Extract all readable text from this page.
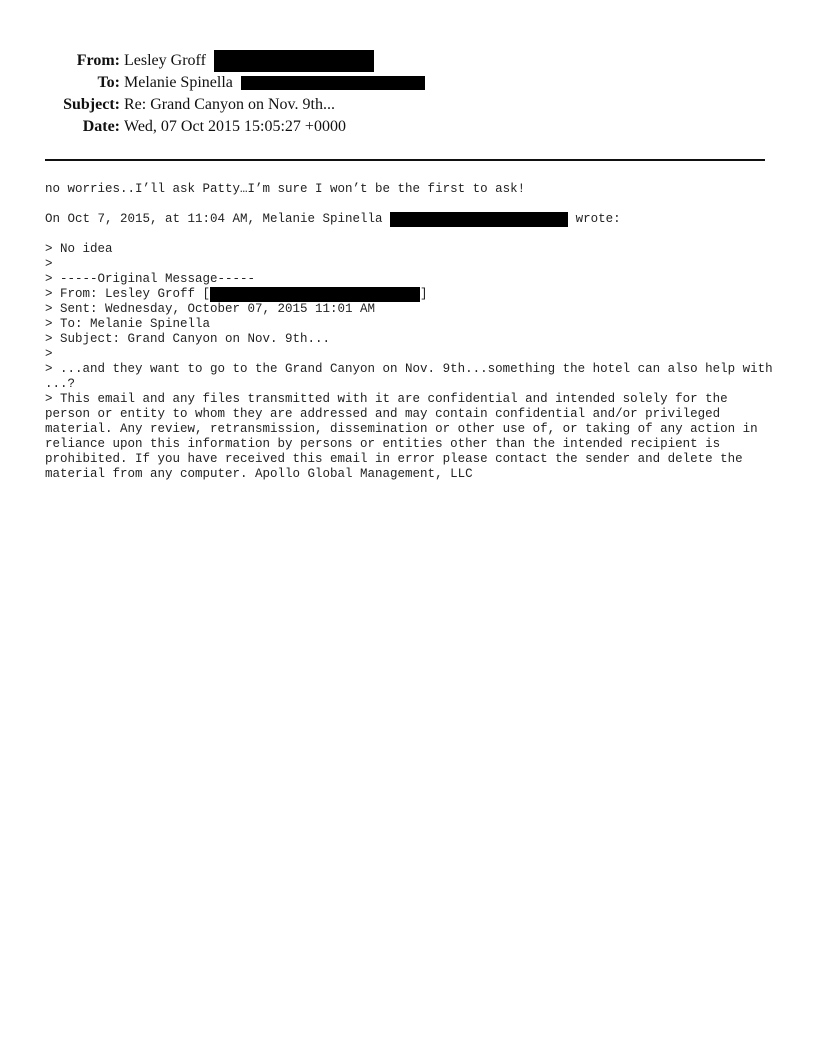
From: Lesley Groff
To: Melanie Spinella
Subject: Re: Grand Canyon on Nov. 9th...
Date: Wed, 07 Oct 2015 15:05:27 +0000
no worries..I’ll ask Patty…I’m sure I won’t be the first to ask!
On Oct 7, 2015, at 11:04 AM, Melanie Spinella	wrote:
> No idea
>
> -----Original Message-----
> From: Lesley Groff [	]
> Sent: Wednesday, October 07, 2015 11:01 AM
> To: Melanie Spinella
> Subject: Grand Canyon on Nov. 9th...
>

> ...and they want to go to the Grand Canyon on Nov. 9th...something the hotel can also help with ...?

> This email and any files transmitted with it are confidential and intended solely for the person or entity to whom they are addressed and may contain confidential and/or privileged material. Any review, retransmission, dissemination or other use of, or taking of any action in reliance upon this information by persons or entities other than the intended recipient is prohibited. If you have received this email in error please contact the sender and delete the material from any computer. Apollo Global Management, LLC
